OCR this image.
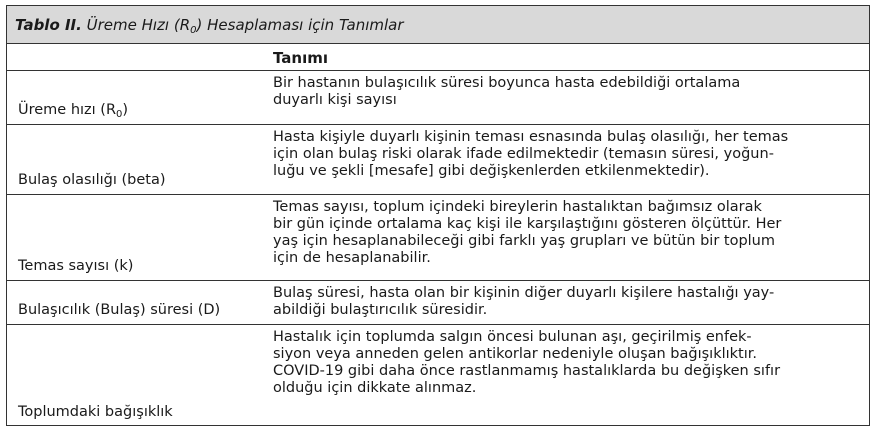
Tablo II. Üreme Hızı $(R_0)$ Hesaplaması için Tanımlar
Tanımı
Üreme hızı $(R_0)$
Bir hastanın bulaşıcılık süresi boyunca hasta edebildiği ortalama
duyarlı kişi sayısı
Bulaş olasılığı (beta)
Hasta kişiyle duyarlı kişinin teması esnasında bulaş olasılığı, her temas
için olan bulaş riski olarak ifade edilmektedir (temasın süresi, yoğun-
luğu ve şekli [mesafe] gibi değişkenlerden etkilenmektedir).
Temas sayısı (k)
Temas sayısı, toplum içindeki bireylerin hastalıktan bağımsız olarak
bir gün içinde ortalama kaç kişi ile karşılaştığını gösteren ölçüttür. Her
yaş için hesaplanabileceği gibi farklı yaş grupları ve bütün bir toplum
için de hesaplanabilir.
Bulaşıcılık (Bulaş) süresi (D)
Bulaş süresi, hasta olan bir kişinin diğer duyarlı kişilere hastalığı yay-
abildiği bulaştırıcılık süresidir.
Toplumdaki bağışıklık
Hastalık için toplumda salgın öncesi bulunan aşı, geçirilmiş enfek-
siyon veya anneden gelen antikorlar nedeniyle oluşan bağışıklıktır.
COVID-19 gibi daha önce rastlanmamış hastalıklarda bu değişken sıfır
olduğu için dikkate alınmaz.
